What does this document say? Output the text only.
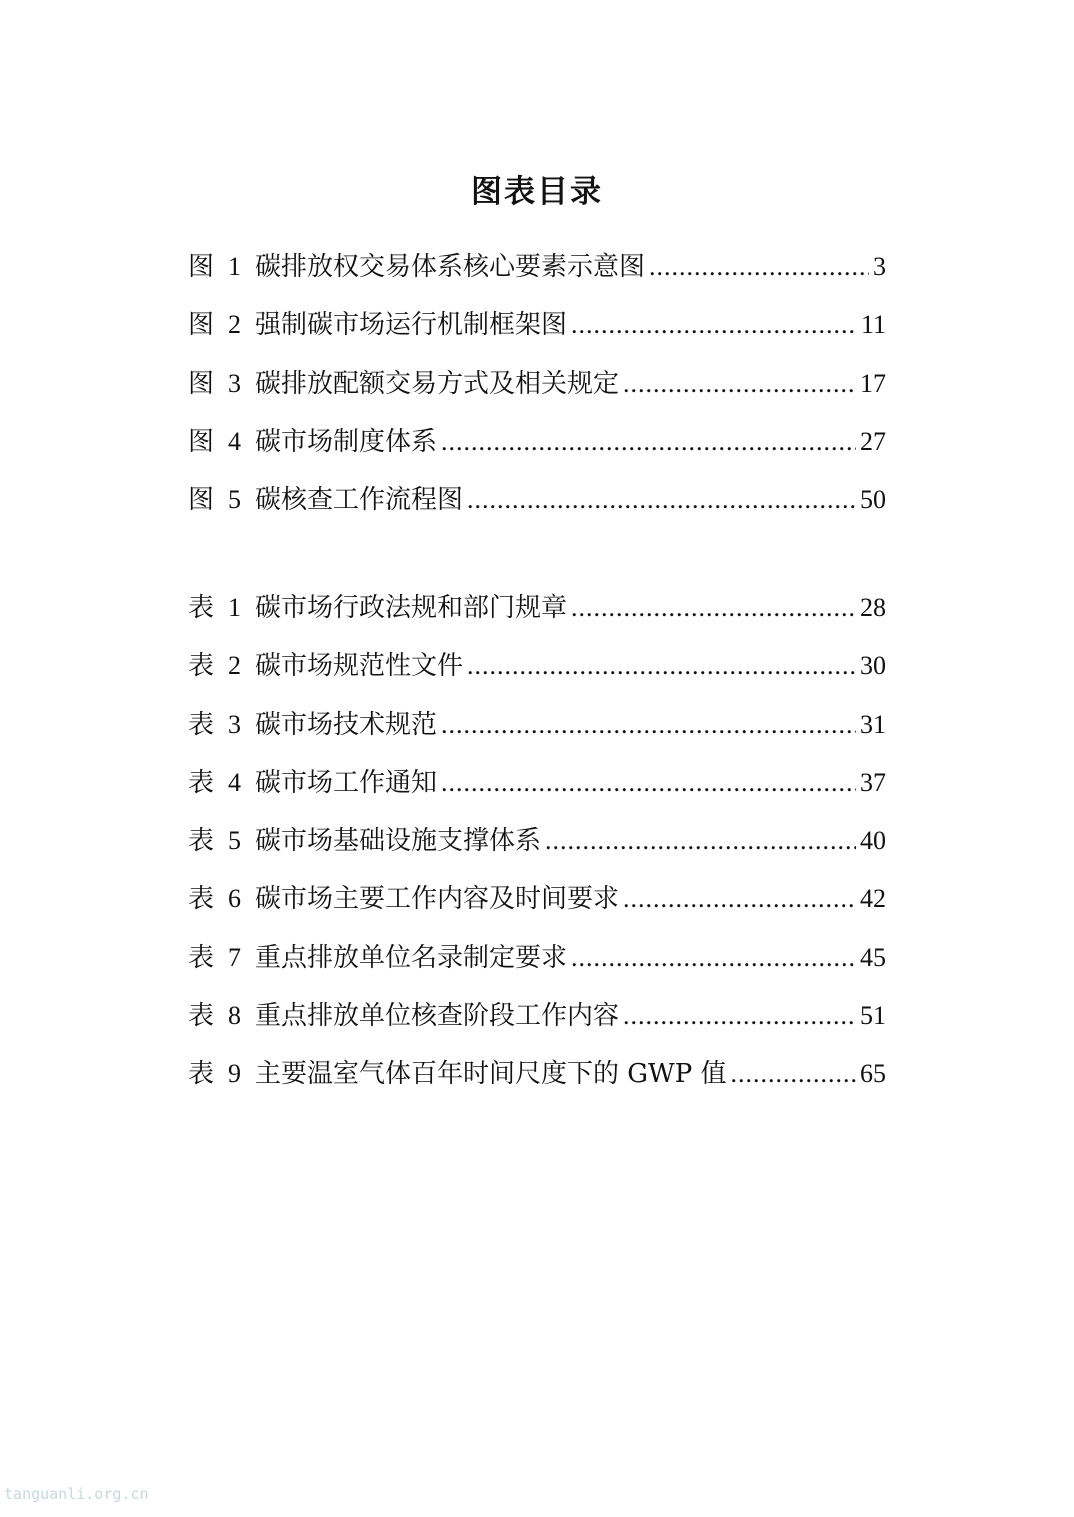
图表目录
图 1 碳排放权交易体系核心要素示意图 .....	3
图 2 强制碳市场运行机制框架图 .....	11
图 3 碳排放配额交易方式及相关规定 .....	17
图 4 碳市场制度体系 .....	27
图 5 碳核查工作流程图 .....	50
表 1 碳市场行政法规和部门规章 .....	28
表 2 碳市场规范性文件 .....	30
表 3 碳市场技术规范 .....	31
表 4 碳市场工作通知 .....	37
表 5 碳市场基础设施支撑体系 .....	40
表 6 碳市场主要工作内容及时间要求 .....	42
表 7 重点排放单位名录制定要求 .....	45
表 8 重点排放单位核查阶段工作内容 .....	51
表 9 主要温室气体百年时间尺度下的 GWP 值 .....	65
tanguanli.org.cn
